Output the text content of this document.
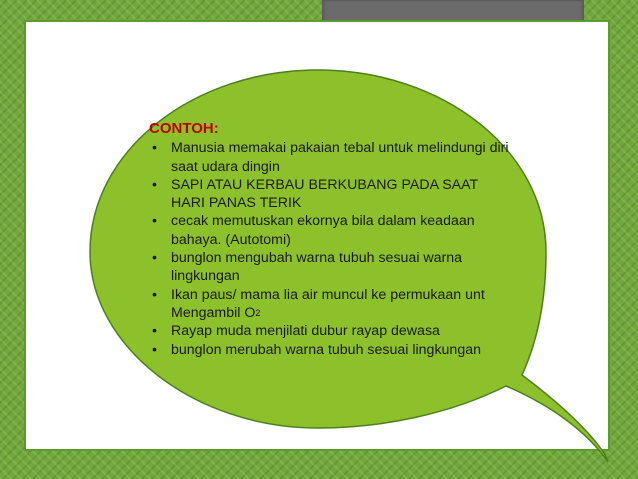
CONTOH:
• Manusia memakai pakaian tebal untuk melindungi diri saat udara dingin
• SAPI ATAU KERBAU BERKUBANG PADA SAAT HARI PANAS TERIK
• cecak memutuskan ekornya bila dalam keadaan bahaya. (Autotomi)
• bunglon mengubah warna tubuh sesuai warna lingkungan
• Ikan paus/ mama lia air muncul ke permukaan unt Mengambil O2
• Rayap muda menjilati dubur rayap dewasa
• bunglon merubah warna tubuh sesuai lingkungan
